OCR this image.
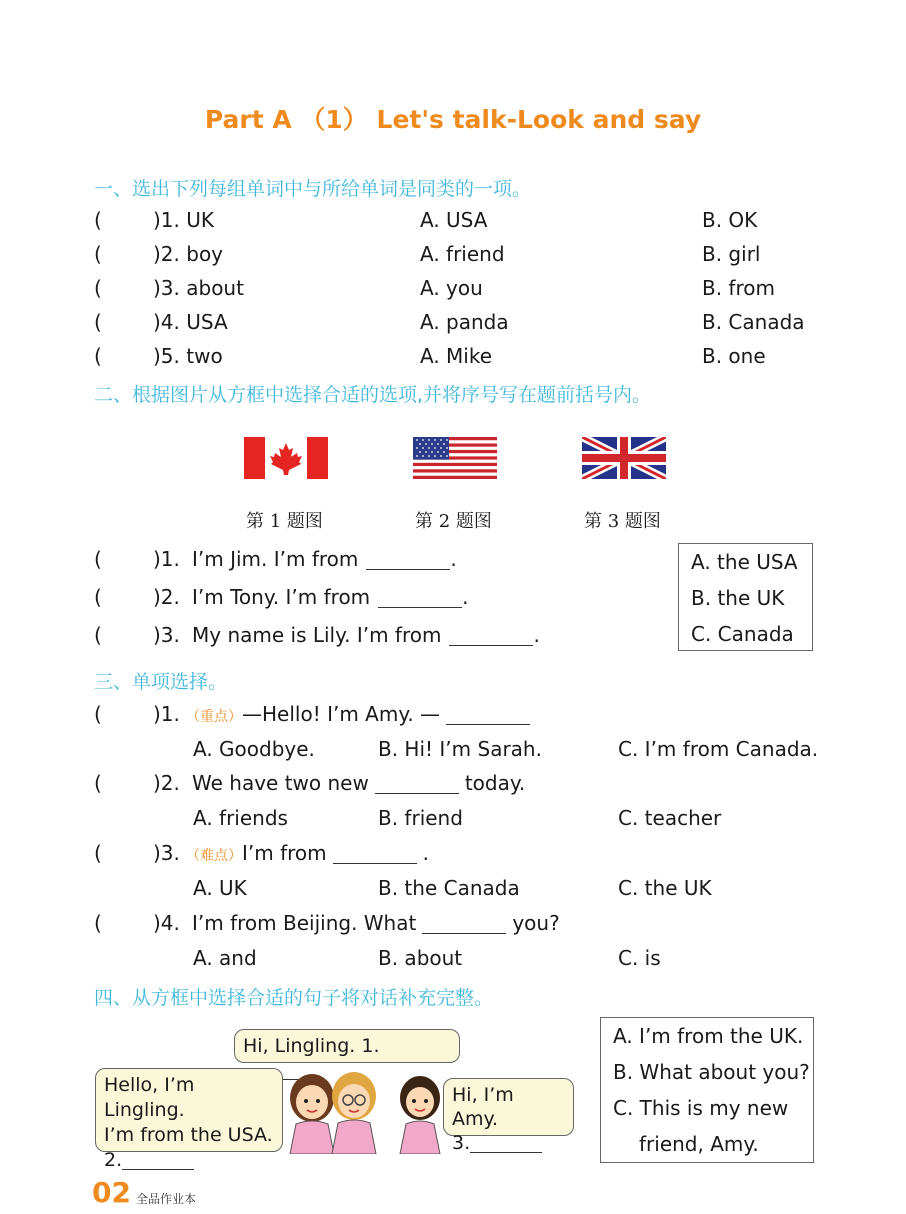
Part A （1） Let's talk-Look and say
一、选出下列每组单词中与所给单词是同类的一项。
(	)1. UK	A. USA	B. OK
(	)2. boy	A. friend	B. girl
(	)3. about	A. you	B. from
(	)4. USA	A. panda	B. Canada
(	)5. two	A. Mike	B. one
二、根据图片从方框中选择合适的选项,并将序号写在题前括号内。
第 1 题图	第 2 题图	第 3 题图
(	)1. I’m Jim. I’m from	.
(	)2. I’m Tony. I’m from	.
(	)3. My name is Lily. I’m from	.
A. the USA
B. the UK
C. Canada
三、单项选择。
(	)1. （重点）—Hello! I’m Amy. —
A. Goodbye.	B. Hi! I’m Sarah.	C. I’m from Canada.
(	)2. We have two new	today.
A. friends	B. friend	C. teacher
(	)3. （难点）I’m from	.
A. UK	B. the Canada	C. the UK
(	)4. I’m from Beijing. What	you?
A. and	B. about	C. is
四、从方框中选择合适的句子将对话补充完整。
Hi, Lingling. 1.
Hello, I’m Lingling.
I’m from the USA.
2.
Hi, I’m Amy.
3.
A. I’m from the UK.
B. What about you?
C. This is my new
friend, Amy.
02 全品作业本
